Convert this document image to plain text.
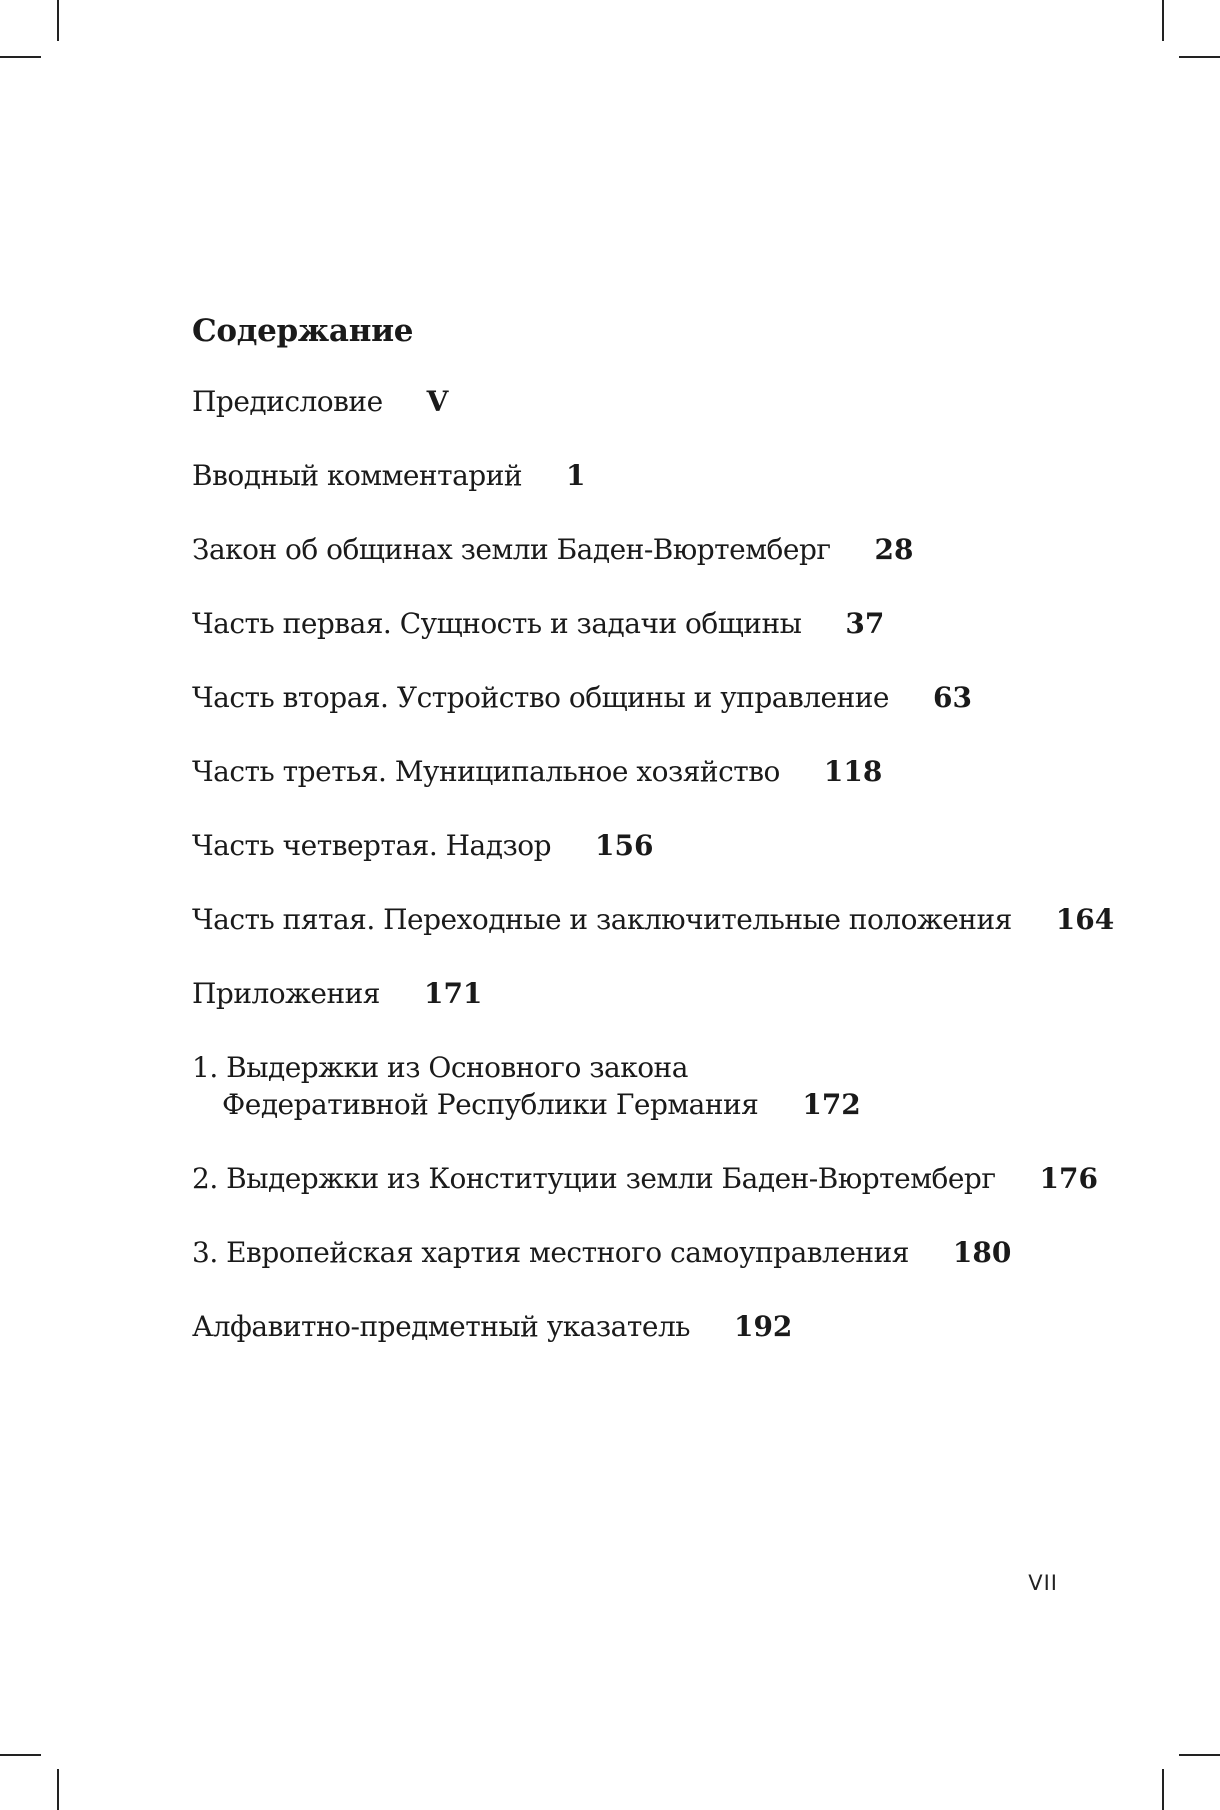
Содержание
Предисловие V
Вводный комментарий 1
Закон об общинах земли Баден-Вюртемберг 28
Часть первая. Сущность и задачи общины 37
Часть вторая. Устройство общины и управление 63
Часть третья. Муниципальное хозяйство 118
Часть четвертая. Надзор 156
Часть пятая. Переходные и заключительные положения 164
Приложения 171
1. Выдержки из Основного закона
Федеративной Республики Германия 172
2. Выдержки из Конституции земли Баден-Вюртемберг 176
3. Европейская хартия местного самоуправления 180
Алфавитно-предметный указатель 192
VII
